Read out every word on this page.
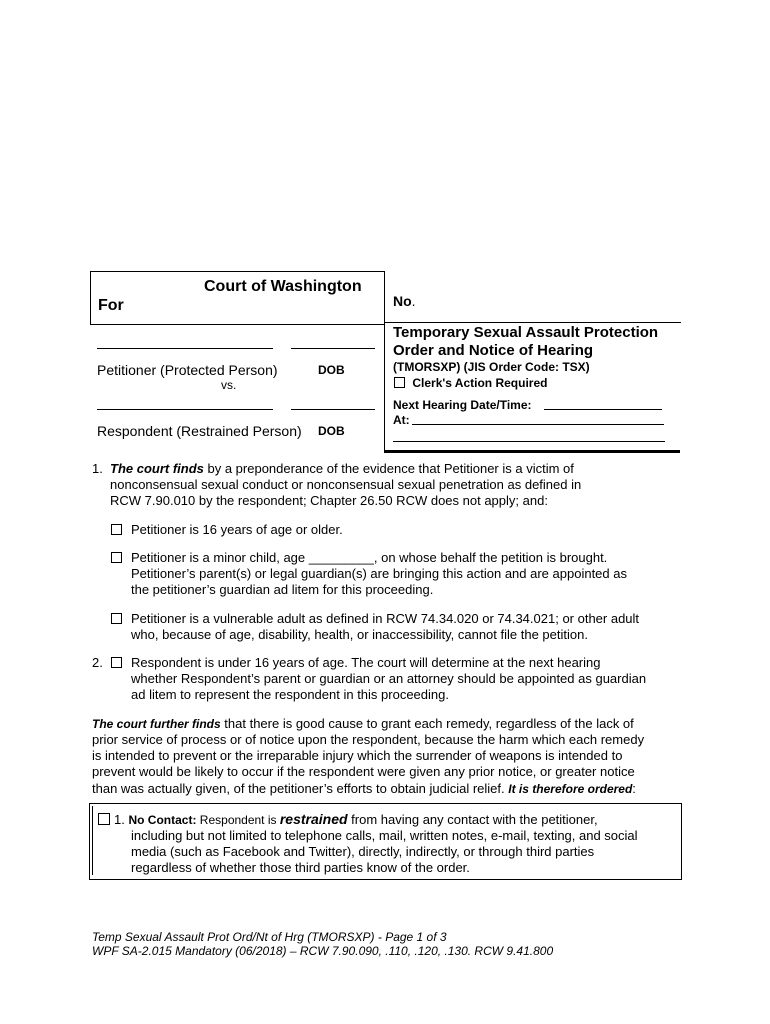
Court of Washington
For
Petitioner (Protected Person)	DOB
vs.
Respondent (Restrained Person) DOB
No.
Temporary Sexual Assault Protection
Order and Notice of Hearing
(TMORSXP) (JIS Order Code: TSX)
Clerk's Action Required
Next Hearing Date/Time:
At:
1. The court finds by a preponderance of the evidence that Petitioner is a victim of
nonconsensual sexual conduct or nonconsensual sexual penetration as defined in
RCW 7.90.010 by the respondent; Chapter 26.50 RCW does not apply; and:
Petitioner is 16 years of age or older.
Petitioner is a minor child, age _________, on whose behalf the petition is brought.
Petitioner’s parent(s) or legal guardian(s) are bringing this action and are appointed as
the petitioner’s guardian ad litem for this proceeding.
Petitioner is a vulnerable adult as defined in RCW 74.34.020 or 74.34.021; or other adult
who, because of age, disability, health, or inaccessibility, cannot file the petition.
2. Respondent is under 16 years of age. The court will determine at the next hearing
whether Respondent’s parent or guardian or an attorney should be appointed as guardian
ad litem to represent the respondent in this proceeding.
The court further finds that there is good cause to grant each remedy, regardless of the lack of
prior service of process or of notice upon the respondent, because the harm which each remedy
is intended to prevent or the irreparable injury which the surrender of weapons is intended to
prevent would be likely to occur if the respondent were given any prior notice, or greater notice
than was actually given, of the petitioner’s efforts to obtain judicial relief. It is therefore ordered:
1. No Contact: Respondent is restrained from having any contact with the petitioner,
including but not limited to telephone calls, mail, written notes, e-mail, texting, and social
media (such as Facebook and Twitter), directly, indirectly, or through third parties
regardless of whether those third parties know of the order.
Temp Sexual Assault Prot Ord/Nt of Hrg (TMORSXP) - Page 1 of 3
WPF SA-2.015 Mandatory (06/2018) – RCW 7.90.090, .110, .120, .130. RCW 9.41.800
